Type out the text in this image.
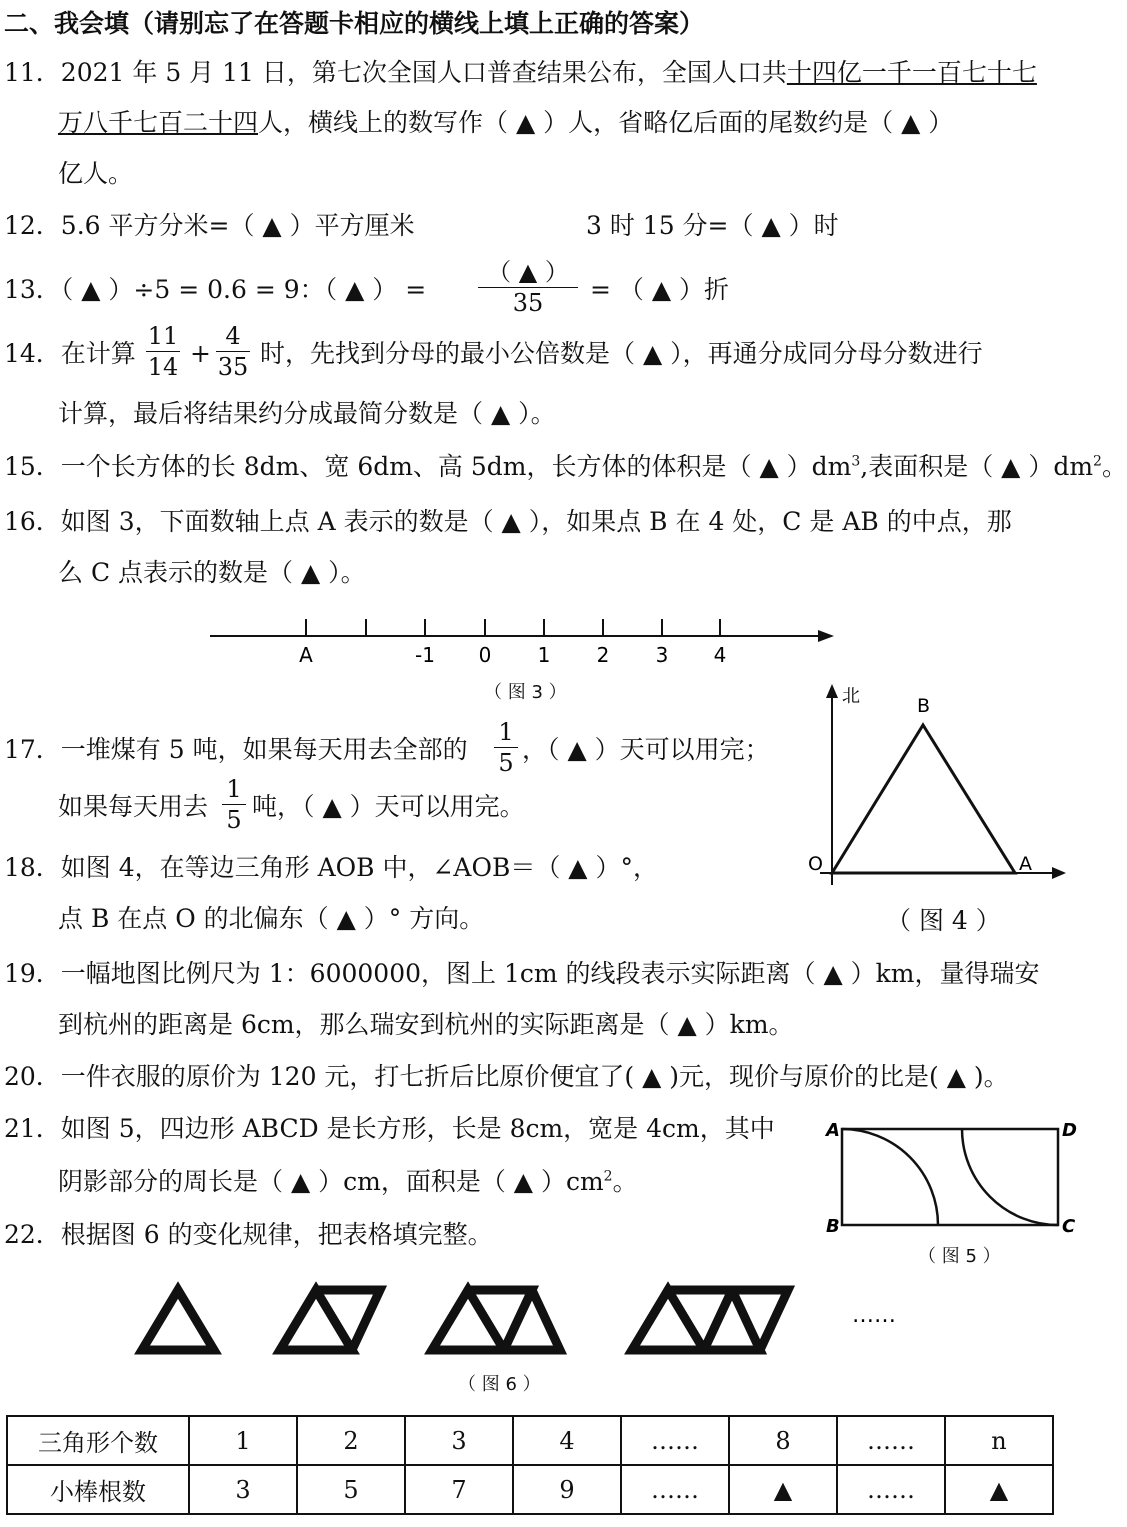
二、我会填（请别忘了在答题卡相应的横线上填上正确的答案）
11．2021 年 5 月 11 日，第七次全国人口普查结果公布，全国人口共十四亿一千一百七十七
万八千七百二十四人，横线上的数写作（ ▲ ）人，省略亿后面的尾数约是（ ▲ ）
亿人。
12．5.6 平方分米=（ ▲ ）平方厘米	3 时 15 分=（ ▲ ）时
13．（ ▲ ）÷5 = 0.6 = 9：（ ▲ ） =
（ ▲ ）
35	= （ ▲ ）折
14．在计算
11
14 +
4
35 时，先找到分母的最小公倍数是（ ▲ ），再通分成同分母分数进行
计算，最后将结果约分成最简分数是（ ▲ ）。
15．一个长方体的长 8dm、宽 6dm、高 5dm，长方体的体积是（ ▲ ）$dm^3$,表面积是（ ▲ ）$dm^2$。
16．如图 3，下面数轴上点 A 表示的数是（ ▲ ），如果点 B 在 4 处，C 是 AB 的中点，那
么 C 点表示的数是（ ▲ ）。
A	-1 0 1 2 3 4
（ 图 3 ）	北	B
O	A
（ 图 4 ）
17．一堆煤有 5 吨，如果每天用去全部的
1
5 ，（ ▲ ）天可以用完；
如果每天用去
1
5 吨，（ ▲ ）天可以用完。
18．如图 4，在等边三角形 AOB 中，∠AOB＝（ ▲ ）°，
点 B 在点 O 的北偏东（ ▲ ）° 方向。
19．一幅地图比例尺为 1：6000000，图上 1cm 的线段表示实际距离（ ▲ ）km，量得瑞安
到杭州的距离是 6cm，那么瑞安到杭州的实际距离是（ ▲ ）km。
20．一件衣服的原价为 120 元，打七折后比原价便宜了( ▲ )元，现价与原价的比是( ▲ )。
21．如图 5，四边形 ABCD 是长方形，长是 8cm，宽是 4cm，其中
阴影部分的周长是（ ▲ ）cm，面积是（ ▲ ）$cm^2$。
A	D
B	C
（ 图 5 ）
22．根据图 6 的变化规律，把表格填完整。
……
（ 图 6 ）
三角形个数	1	2	3	4	……	8	……	n
小棒根数	3	5	7	9	……	▲	……	▲
